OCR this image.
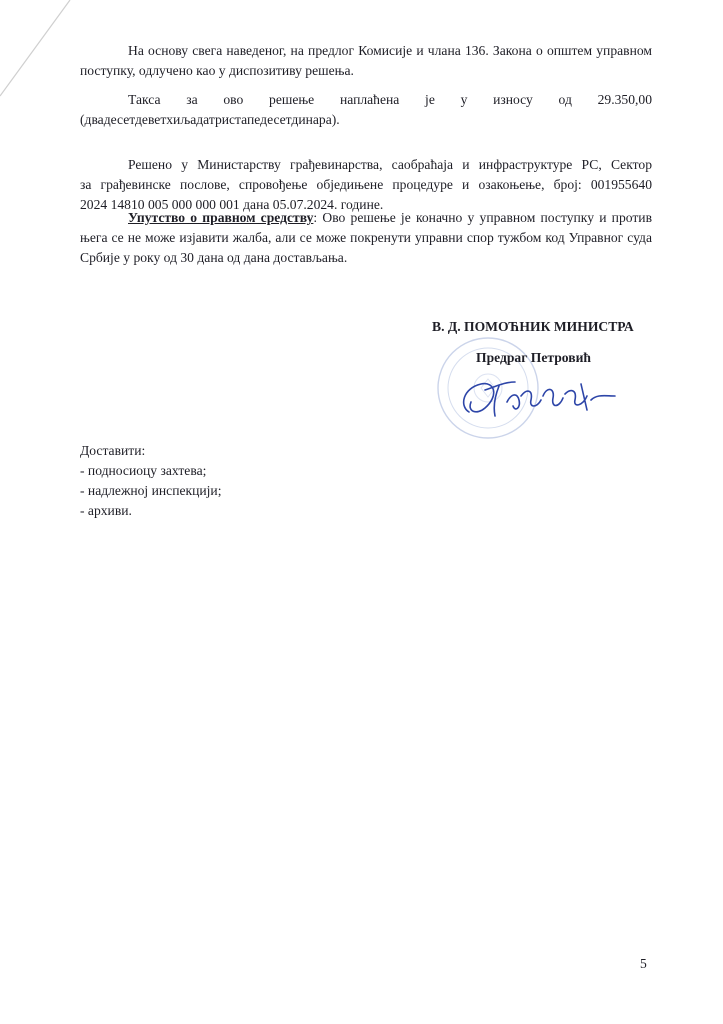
На основу свега наведеног, на предлог Комисије и члана 136. Закона о општем управном поступку, одлучено као у диспозитиву решења.

Такса за ово решење наплаћена је у износу од 29.350,00
(двадесетдеветхиљадатристапедесетдинара).

Решено у Министарству грађевинарства, саобраћаја и инфраструктуре РС, Сектор
за грађевинске послове, спровођење обједињене процедуре и озакоњење, број: 001955640
2024 14810 005 000 000 001 дана 05.07.2024. године.

Упутство о правном средству: Ово решење је коначно у управном поступку и против њега се не може изјавити жалба, али се може покренути управни спор тужбом код Управног суда Србије у року од 30 дана од дана достављања.

В. Д. ПОМОЋНИК МИНИСТРА
Предраг Петровић
Доставити:
- подносиоцу захтева;
- надлежној инспекцији;
- архиви.
5
